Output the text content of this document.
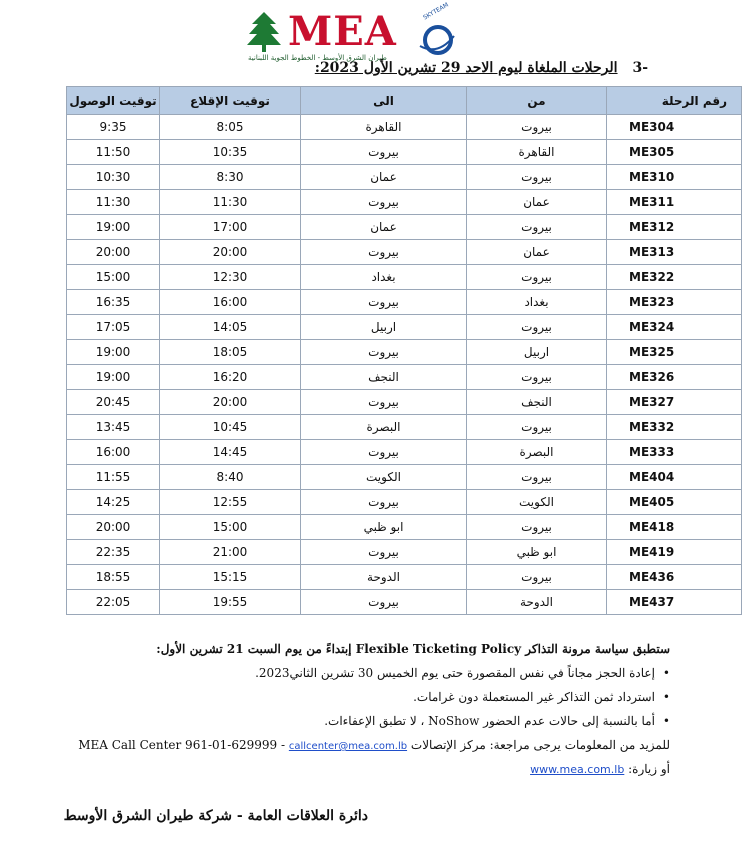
MEA
طيران الشرق الأوسط - الخطوط الجوية اللبنانية
SKYTEAM
-3 الرحلات الملغاة ليوم الاحد 29 تشرين الأول 2023:
رقم الرحلة	من	الى	توقيت الإقلاع	توقيت الوصول
ME304	بيروت	القاهرة	8:05	9:35
ME305	القاهرة	بيروت	10:35	11:50
ME310	بيروت	عمان	8:30	10:30
ME311	عمان	بيروت	11:30	11:30
ME312	بيروت	عمان	17:00	19:00
ME313	عمان	بيروت	20:00	20:00
ME322	بيروت	بغداد	12:30	15:00
ME323	بغداد	بيروت	16:00	16:35
ME324	بيروت	اربيل	14:05	17:05
ME325	اربيل	بيروت	18:05	19:00
ME326	بيروت	النجف	16:20	19:00
ME327	النجف	بيروت	20:00	20:45
ME332	بيروت	البصرة	10:45	13:45
ME333	البصرة	بيروت	14:45	16:00
ME404	بيروت	الكويت	8:40	11:55
ME405	الكويت	بيروت	12:55	14:25
ME418	بيروت	ابو ظبي	15:00	20:00
ME419	ابو ظبي	بيروت	21:00	22:35
ME436	بيروت	الدوحة	15:15	18:55
ME437	الدوحة	بيروت	19:55	22:05

ستطبق سياسة مرونة التذاكر Flexible Ticketing Policy إبتداءً من يوم السبت 21 تشرين الأول:

• إعادة الحجز مجاناً في نفس المقصورة حتى يوم الخميس 30 تشرين الثاني2023.

• استرداد ثمن التذاكر غير المستعملة دون غرامات.

• أما بالنسبة إلى حالات عدم الحضور NoShow ، لا تطبق الإعفاءات.

للمزيد من المعلومات يرجى مراجعة: مركز الإتصالات MEA Call Center 961-01-629999 - callcenter@mea.com.lb

أو زيارة: www.mea.com.lb

دائرة العلاقات العامة - شركة طيران الشرق الأوسط
